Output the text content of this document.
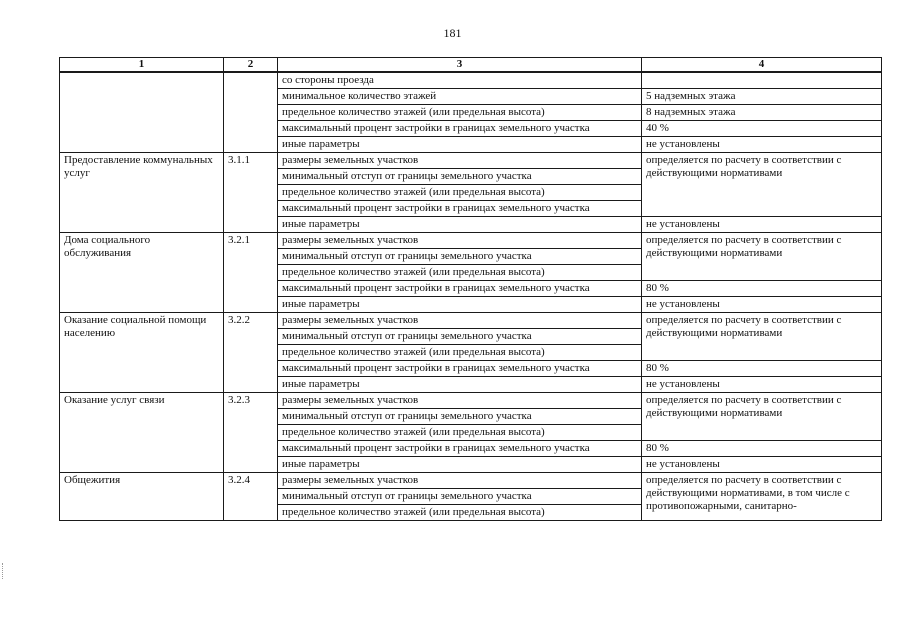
181
1	2	3	4
		со стороны проезда	
		минимальное количество этажей	5 надземных этажа
		предельное количество этажей (или предельная высота)	8 надземных этажа
		максимальный процент застройки в границах земельного участка	40 %
		иные параметры	не установлены
Предоставление коммунальных услуг	3.1.1	размеры земельных участков	определяется по расчету в соответствии с действующими нормативами
		минимальный отступ от границы земельного участка	
		предельное количество этажей (или предельная высота)	
		максимальный процент застройки в границах земельного участка	
		иные параметры	не установлены
Дома социального обслуживания	3.2.1	размеры земельных участков	определяется по расчету в соответствии с действующими нормативами
		минимальный отступ от границы земельного участка	
		предельное количество этажей (или предельная высота)	
		максимальный процент застройки в границах земельного участка	80 %
		иные параметры	не установлены
Оказание социальной помощи населению	3.2.2	размеры земельных участков	определяется по расчету в соответствии с действующими нормативами
		минимальный отступ от границы земельного участка	
		предельное количество этажей (или предельная высота)	
		максимальный процент застройки в границах земельного участка	80 %
		иные параметры	не установлены
Оказание услуг связи	3.2.3	размеры земельных участков	определяется по расчету в соответствии с действующими нормативами
		минимальный отступ от границы земельного участка	
		предельное количество этажей (или предельная высота)	
		максимальный процент застройки в границах земельного участка	80 %
		иные параметры	не установлены
Общежития	3.2.4	размеры земельных участков	определяется по расчету в соответствии с действующими нормативами, в том числе с противопожарными, санитарно-
		минимальный отступ от границы земельного участка	
		предельное количество этажей (или предельная высота)	
